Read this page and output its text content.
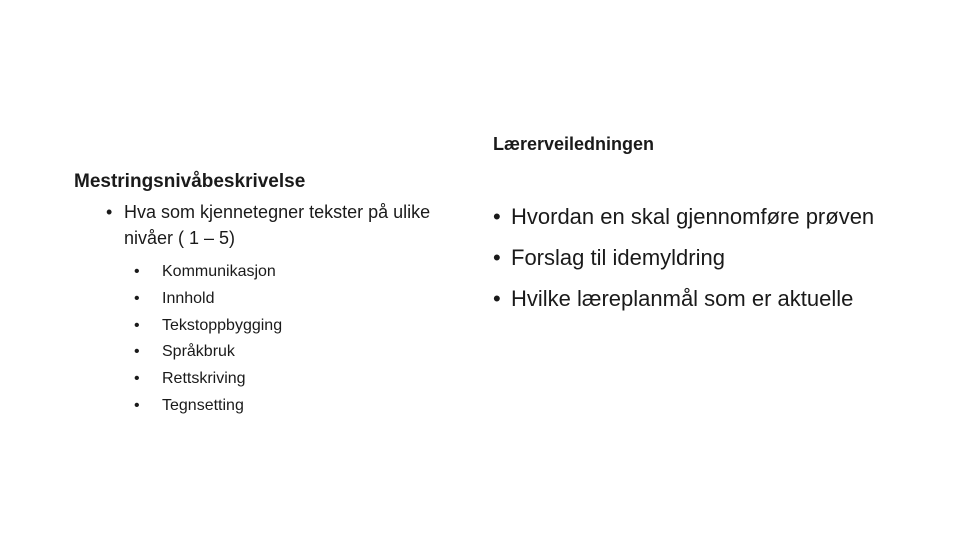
Mestringsnivåbeskrivelse

• Hva som kjennetegner tekster på ulike nivåer ( 1 – 5)
• Kommunikasjon
• Innhold
• Tekstoppbygging
• Språkbruk
• Rettskriving
• Tegnsetting

Lærerveiledningen

• Hvordan en skal gjennomføre prøven
• Forslag til idemyldring
• Hvilke læreplanmål som er aktuelle
